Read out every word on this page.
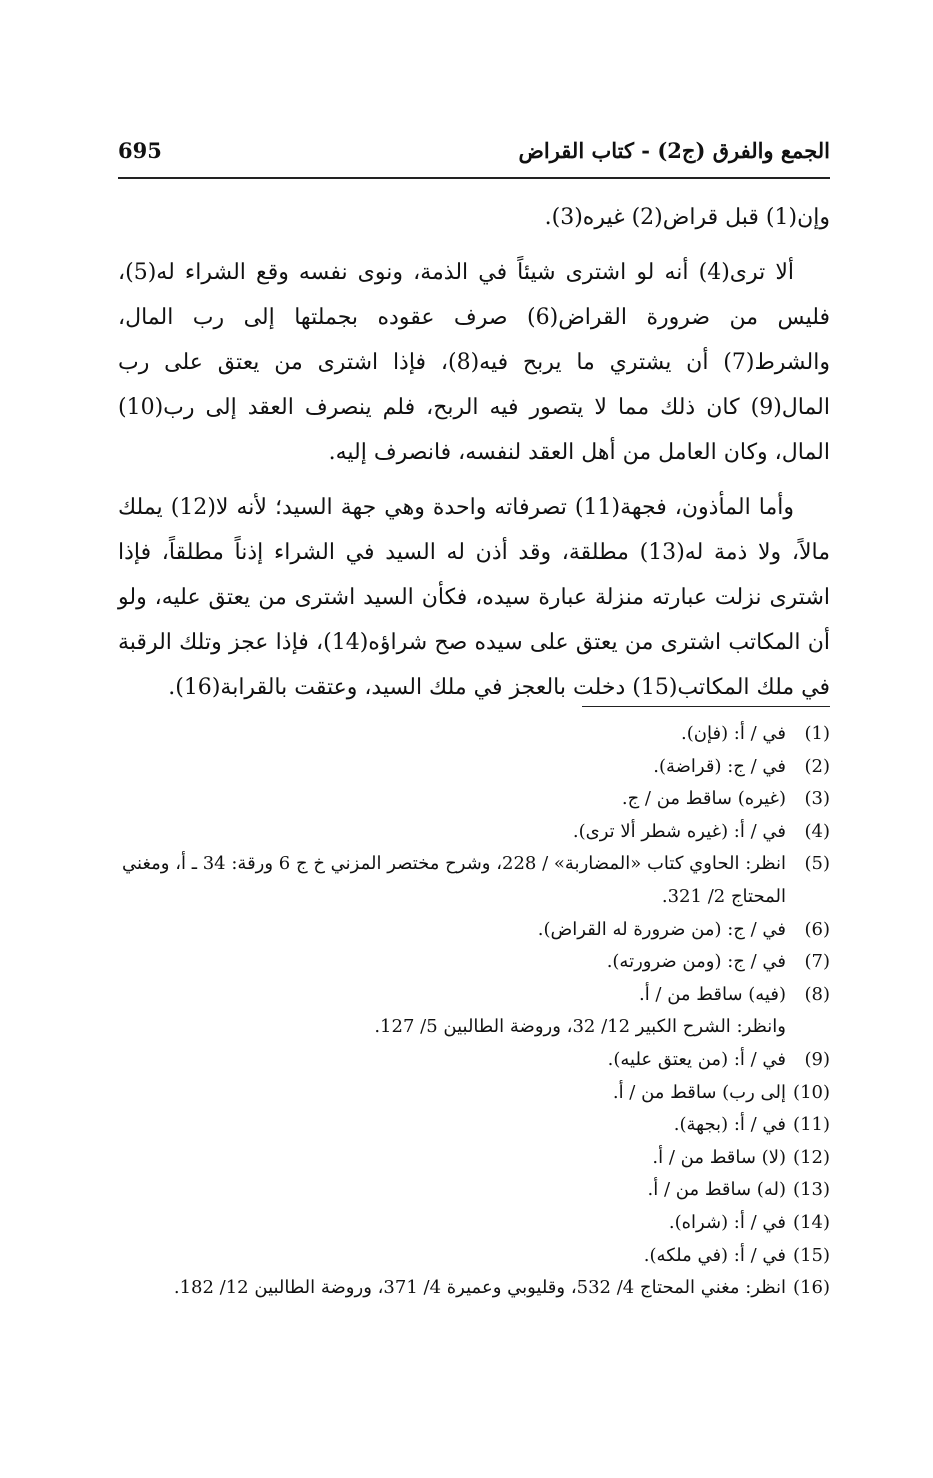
الجمع والفرق (ج2) - كتاب القراض
695

وإن(1) قبل قراض(2) غيره(3).

ألا ترى(4) أنه لو اشترى شيئاً في الذمة، ونوى نفسه وقع الشراء له(5)، فليس من ضرورة القراض(6) صرف عقوده بجملتها إلى رب المال، والشرط(7) أن يشتري ما يربح فيه(8)، فإذا اشترى من يعتق على رب المال(9) كان ذلك مما لا يتصور فيه الربح، فلم ينصرف العقد إلى رب(10) المال، وكان العامل من أهل العقد لنفسه، فانصرف إليه.

وأما المأذون، فجهة(11) تصرفاته واحدة وهي جهة السيد؛ لأنه لا(12) يملك مالاً، ولا ذمة له(13) مطلقة، وقد أذن له السيد في الشراء إذناً مطلقاً، فإذا اشترى نزلت عبارته منزلة عبارة سيده، فكأن السيد اشترى من يعتق عليه، ولو أن المكاتب اشترى من يعتق على سيده صح شراؤه(14)، فإذا عجز وتلك الرقبة في ملك المكاتب(15) دخلت بالعجز في ملك السيد، وعتقت بالقرابة(16).

(1)
في / أ: (فإن).
(2)
في / ج: (قراضة).
(3)
(غيره) ساقط من / ج.
(4)
في / أ: (غيره شطر ألا ترى).
(5)
انظر: الحاوي كتاب «المضاربة» / 228، وشرح مختصر المزني خ ج 6 ورقة: 34 ـ أ، ومغني المحتاج 2/ 321.
(6)
في / ج: (من ضرورة له القراض).
(7)
في / ج: (ومن ضرورته).
(8)
(فيه) ساقط من / أ.
وانظر: الشرح الكبير 12/ 32، وروضة الطالبين 5/ 127.
(9)
في / أ: (من يعتق عليه).
(10)
إلى رب) ساقط من / أ.
(11)
في / أ: (بجهة).
(12)
(لا) ساقط من / أ.
(13)
(له) ساقط من / أ.
(14)
في / أ: (شراه).
(15)
في / أ: (في ملكه).
(16)
انظر: مغني المحتاج 4/ 532، وقليوبي وعميرة 4/ 371، وروضة الطالبين 12/ 182.
